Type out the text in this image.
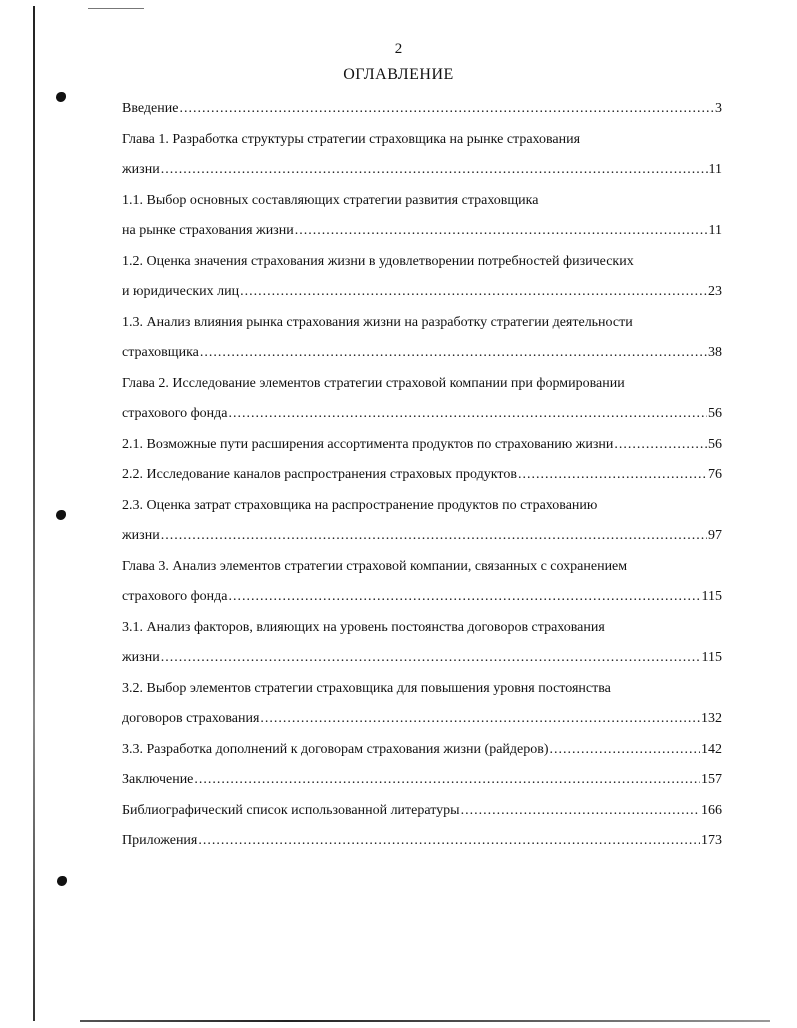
2
ОГЛАВЛЕНИЕ
Введение .....	3
Глава 1. Разработка структуры стратегии страховщика на рынке страхования
жизни .....	11
1.1. Выбор основных составляющих стратегии развития страховщика
на рынке страхования жизни .....	11
1.2. Оценка значения страхования жизни в удовлетворении потребностей физических
и юридических лиц .....	23
1.3. Анализ влияния рынка страхования жизни на разработку стратегии деятельности
страховщика .....	38
Глава 2. Исследование элементов стратегии страховой компании при формировании
страхового фонда .....	56
2.1. Возможные пути расширения ассортимента продуктов по страхованию жизни .....	56
2.2. Исследование каналов распространения страховых продуктов .....	76
2.3. Оценка затрат страховщика на распространение продуктов по страхованию
жизни .....	97
Глава 3. Анализ элементов стратегии страховой компании, связанных с сохранением
страхового фонда .....	115
3.1. Анализ факторов, влияющих на уровень постоянства договоров страхования
жизни .....	115
3.2. Выбор элементов стратегии страховщика для повышения уровня постоянства
договоров страхования .....	132
3.3. Разработка дополнений к договорам страхования жизни (райдеров) .....	142
Заключение .....	157
Библиографический список использованной литературы .....	166
Приложения .....	173
